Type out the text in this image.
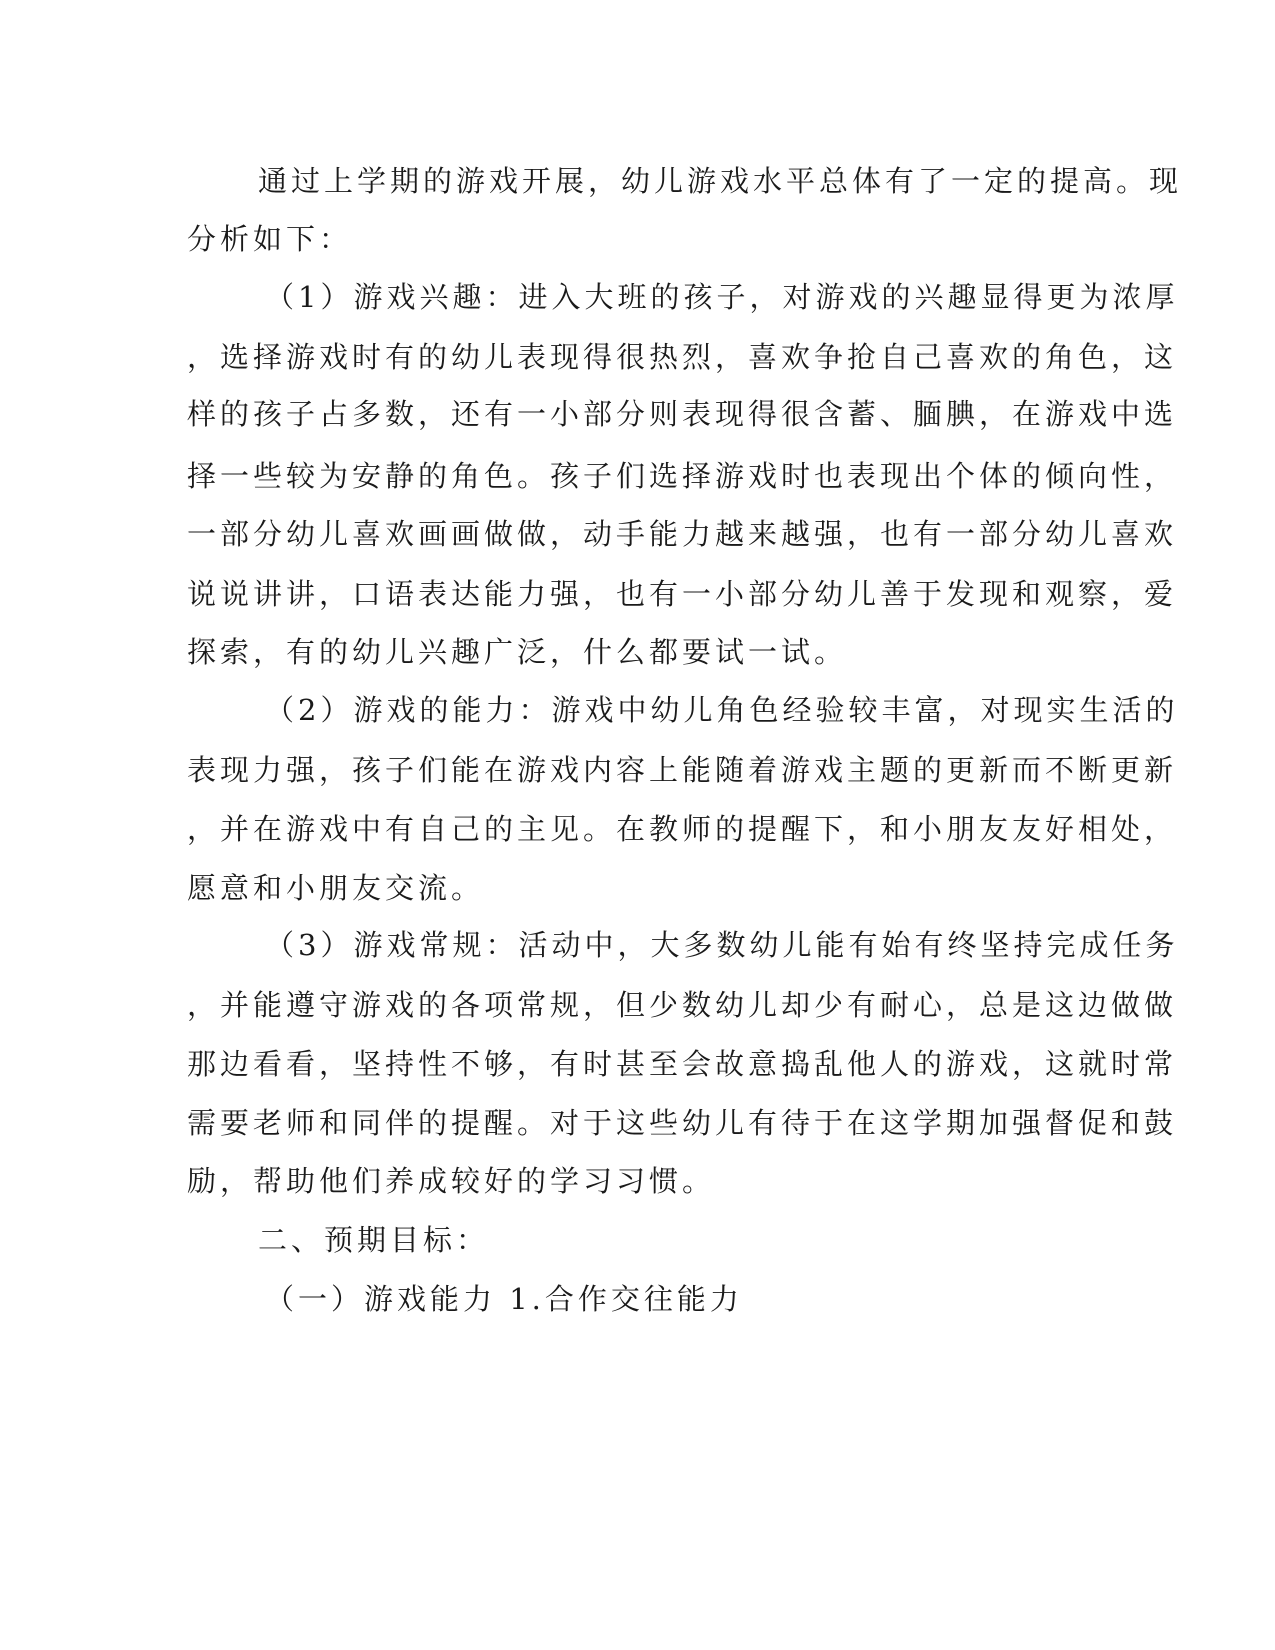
通过上学期的游戏开展，幼儿游戏水平总体有了一定的提高。现
分析如下：
（1）游戏兴趣：进入大班的孩子，对游戏的兴趣显得更为浓厚
，选择游戏时有的幼儿表现得很热烈，喜欢争抢自己喜欢的角色，这
样的孩子占多数，还有一小部分则表现得很含蓄、腼腆，在游戏中选
择一些较为安静的角色。孩子们选择游戏时也表现出个体的倾向性，
一部分幼儿喜欢画画做做，动手能力越来越强，也有一部分幼儿喜欢
说说讲讲，口语表达能力强，也有一小部分幼儿善于发现和观察，爱
探索，有的幼儿兴趣广泛，什么都要试一试。
（2）游戏的能力：游戏中幼儿角色经验较丰富，对现实生活的
表现力强，孩子们能在游戏内容上能随着游戏主题的更新而不断更新
，并在游戏中有自己的主见。在教师的提醒下，和小朋友友好相处，
愿意和小朋友交流。
（3）游戏常规：活动中，大多数幼儿能有始有终坚持完成任务
，并能遵守游戏的各项常规，但少数幼儿却少有耐心，总是这边做做
那边看看，坚持性不够，有时甚至会故意捣乱他人的游戏，这就时常
需要老师和同伴的提醒。对于这些幼儿有待于在这学期加强督促和鼓
励，帮助他们养成较好的学习习惯。
二、预期目标：
（一）游戏能力 1.合作交往能力
